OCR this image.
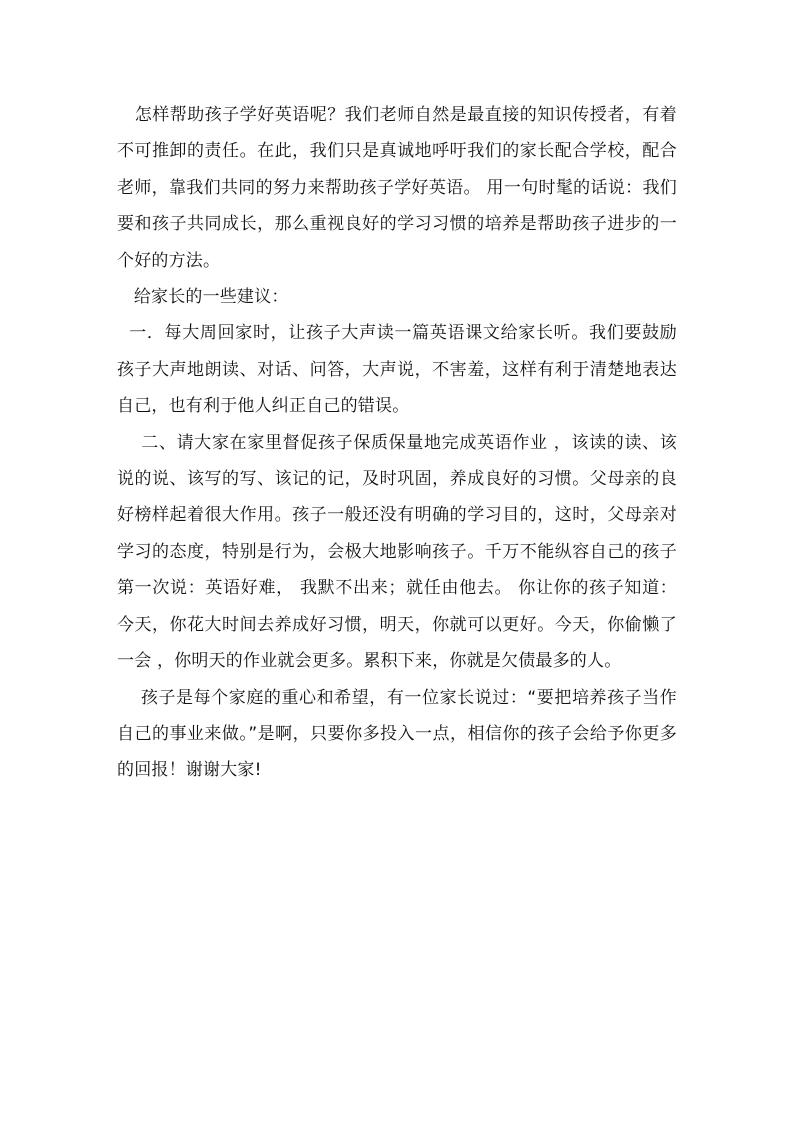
怎样帮助孩子学好英语呢？我们老师自然是最直接的知识传授者，有着不可推卸的责任。在此，我们只是真诚地呼吁我们的家长配合学校，配合老师，靠我们共同的努力来帮助孩子学好英语。 用一句时髦的话说：我们要和孩子共同成长，那么重视良好的学习习惯的培养是帮助孩子进步的一个好的方法。

给家长的一些建议：

一．每大周回家时，让孩子大声读一篇英语课文给家长听。我们要鼓励孩子大声地朗读、对话、问答，大声说，不害羞，这样有利于清楚地表达自己，也有利于他人纠正自己的错误。

二、请大家在家里督促孩子保质保量地完成英语作业 ，该读的读、该说的说、该写的写、该记的记，及时巩固，养成良好的习惯。父母亲的良好榜样起着很大作用。孩子一般还没有明确的学习目的，这时，父母亲对学习的态度，特别是行为，会极大地影响孩子。千万不能纵容自己的孩子第一次说：英语好难， 我默不出来；就任由他去。 你让你的孩子知道：今天，你花大时间去养成好习惯，明天，你就可以更好。今天，你偷懒了一会 ，你明天的作业就会更多。累积下来，你就是欠债最多的人。

孩子是每个家庭的重心和希望，有一位家长说过：“要把培养孩子当作自己的事业来做。”是啊，只要你多投入一点，相信你的孩子会给予你更多的回报！谢谢大家!
